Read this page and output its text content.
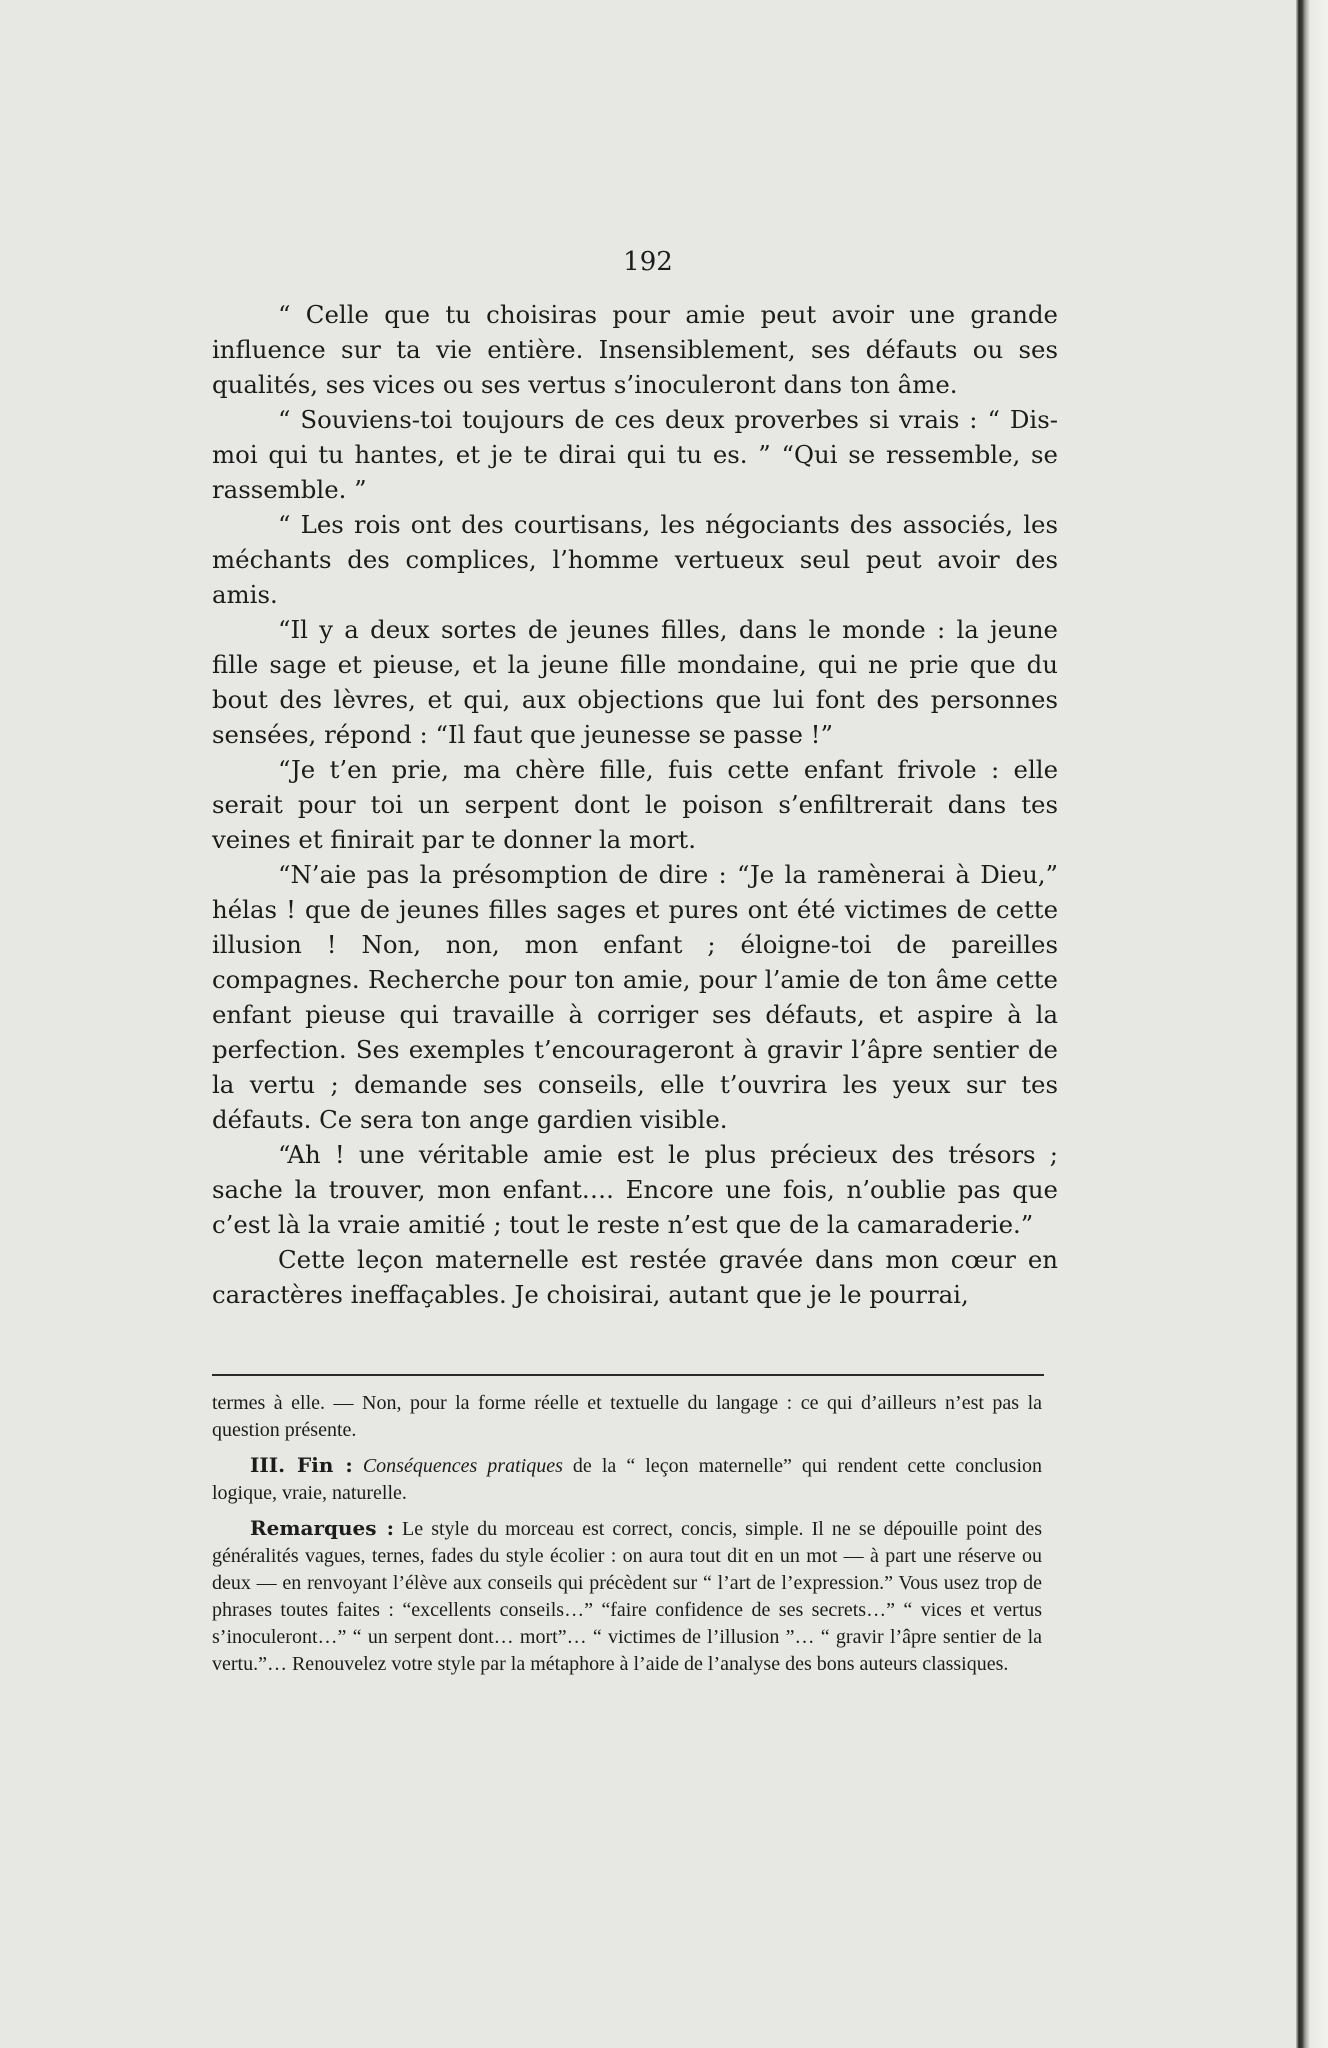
192

“ Celle que tu choisiras pour amie peut avoir une grande influence sur ta vie entière. Insensiblement, ses défauts ou ses qualités, ses vices ou ses vertus s’inoculeront dans ton âme.

“ Souviens-toi toujours de ces deux proverbes si vrais : “ Dis-moi qui tu hantes, et je te dirai qui tu es. ” “Qui se ressemble, se rassemble. ”

“ Les rois ont des courtisans, les négociants des associés, les méchants des complices, l’homme vertueux seul peut avoir des amis.

“Il y a deux sortes de jeunes filles, dans le monde : la jeune fille sage et pieuse, et la jeune fille mondaine, qui ne prie que du bout des lèvres, et qui, aux objections que lui font des personnes sensées, répond : “Il faut que jeunesse se passe !”

“Je t’en prie, ma chère fille, fuis cette enfant frivole : elle serait pour toi un serpent dont le poison s’enfiltrerait dans tes veines et finirait par te donner la mort.

“N’aie pas la présomption de dire : “Je la ramènerai à Dieu,” hélas ! que de jeunes filles sages et pures ont été victimes de cette illusion ! Non, non, mon enfant ; éloigne-toi de pareilles compagnes. Recherche pour ton amie, pour l’amie de ton âme cette enfant pieuse qui travaille à corriger ses défauts, et aspire à la perfection. Ses exemples t’encourageront à gravir l’âpre sentier de la vertu ; demande ses conseils, elle t’ouvrira les yeux sur tes défauts. Ce sera ton ange gardien visible.

“Ah ! une véritable amie est le plus précieux des trésors ; sache la trouver, mon enfant…. Encore une fois, n’oublie pas que c’est là la vraie amitié ; tout le reste n’est que de la camaraderie.”

Cette leçon maternelle est restée gravée dans mon cœur en caractères ineffaçables. Je choisirai, autant que je le pourrai,

termes à elle. — Non, pour la forme réelle et textuelle du langage : ce qui d’ailleurs n’est pas la question présente.

III. Fin : Conséquences pratiques de la “ leçon maternelle” qui rendent cette conclusion logique, vraie, naturelle.

Remarques : Le style du morceau est correct, concis, simple. Il ne se dépouille point des généralités vagues, ternes, fades du style écolier : on aura tout dit en un mot — à part une réserve ou deux — en renvoyant l’élève aux conseils qui précèdent sur “ l’art de l’expression.” Vous usez trop de phrases toutes faites : “excellents conseils…” “faire confidence de ses secrets…” “ vices et vertus s’inoculeront…” “ un serpent dont… mort”… “ victimes de l’illusion ”… “ gravir l’âpre sentier de la vertu.”… Renouvelez votre style par la métaphore à l’aide de l’analyse des bons auteurs classiques.
